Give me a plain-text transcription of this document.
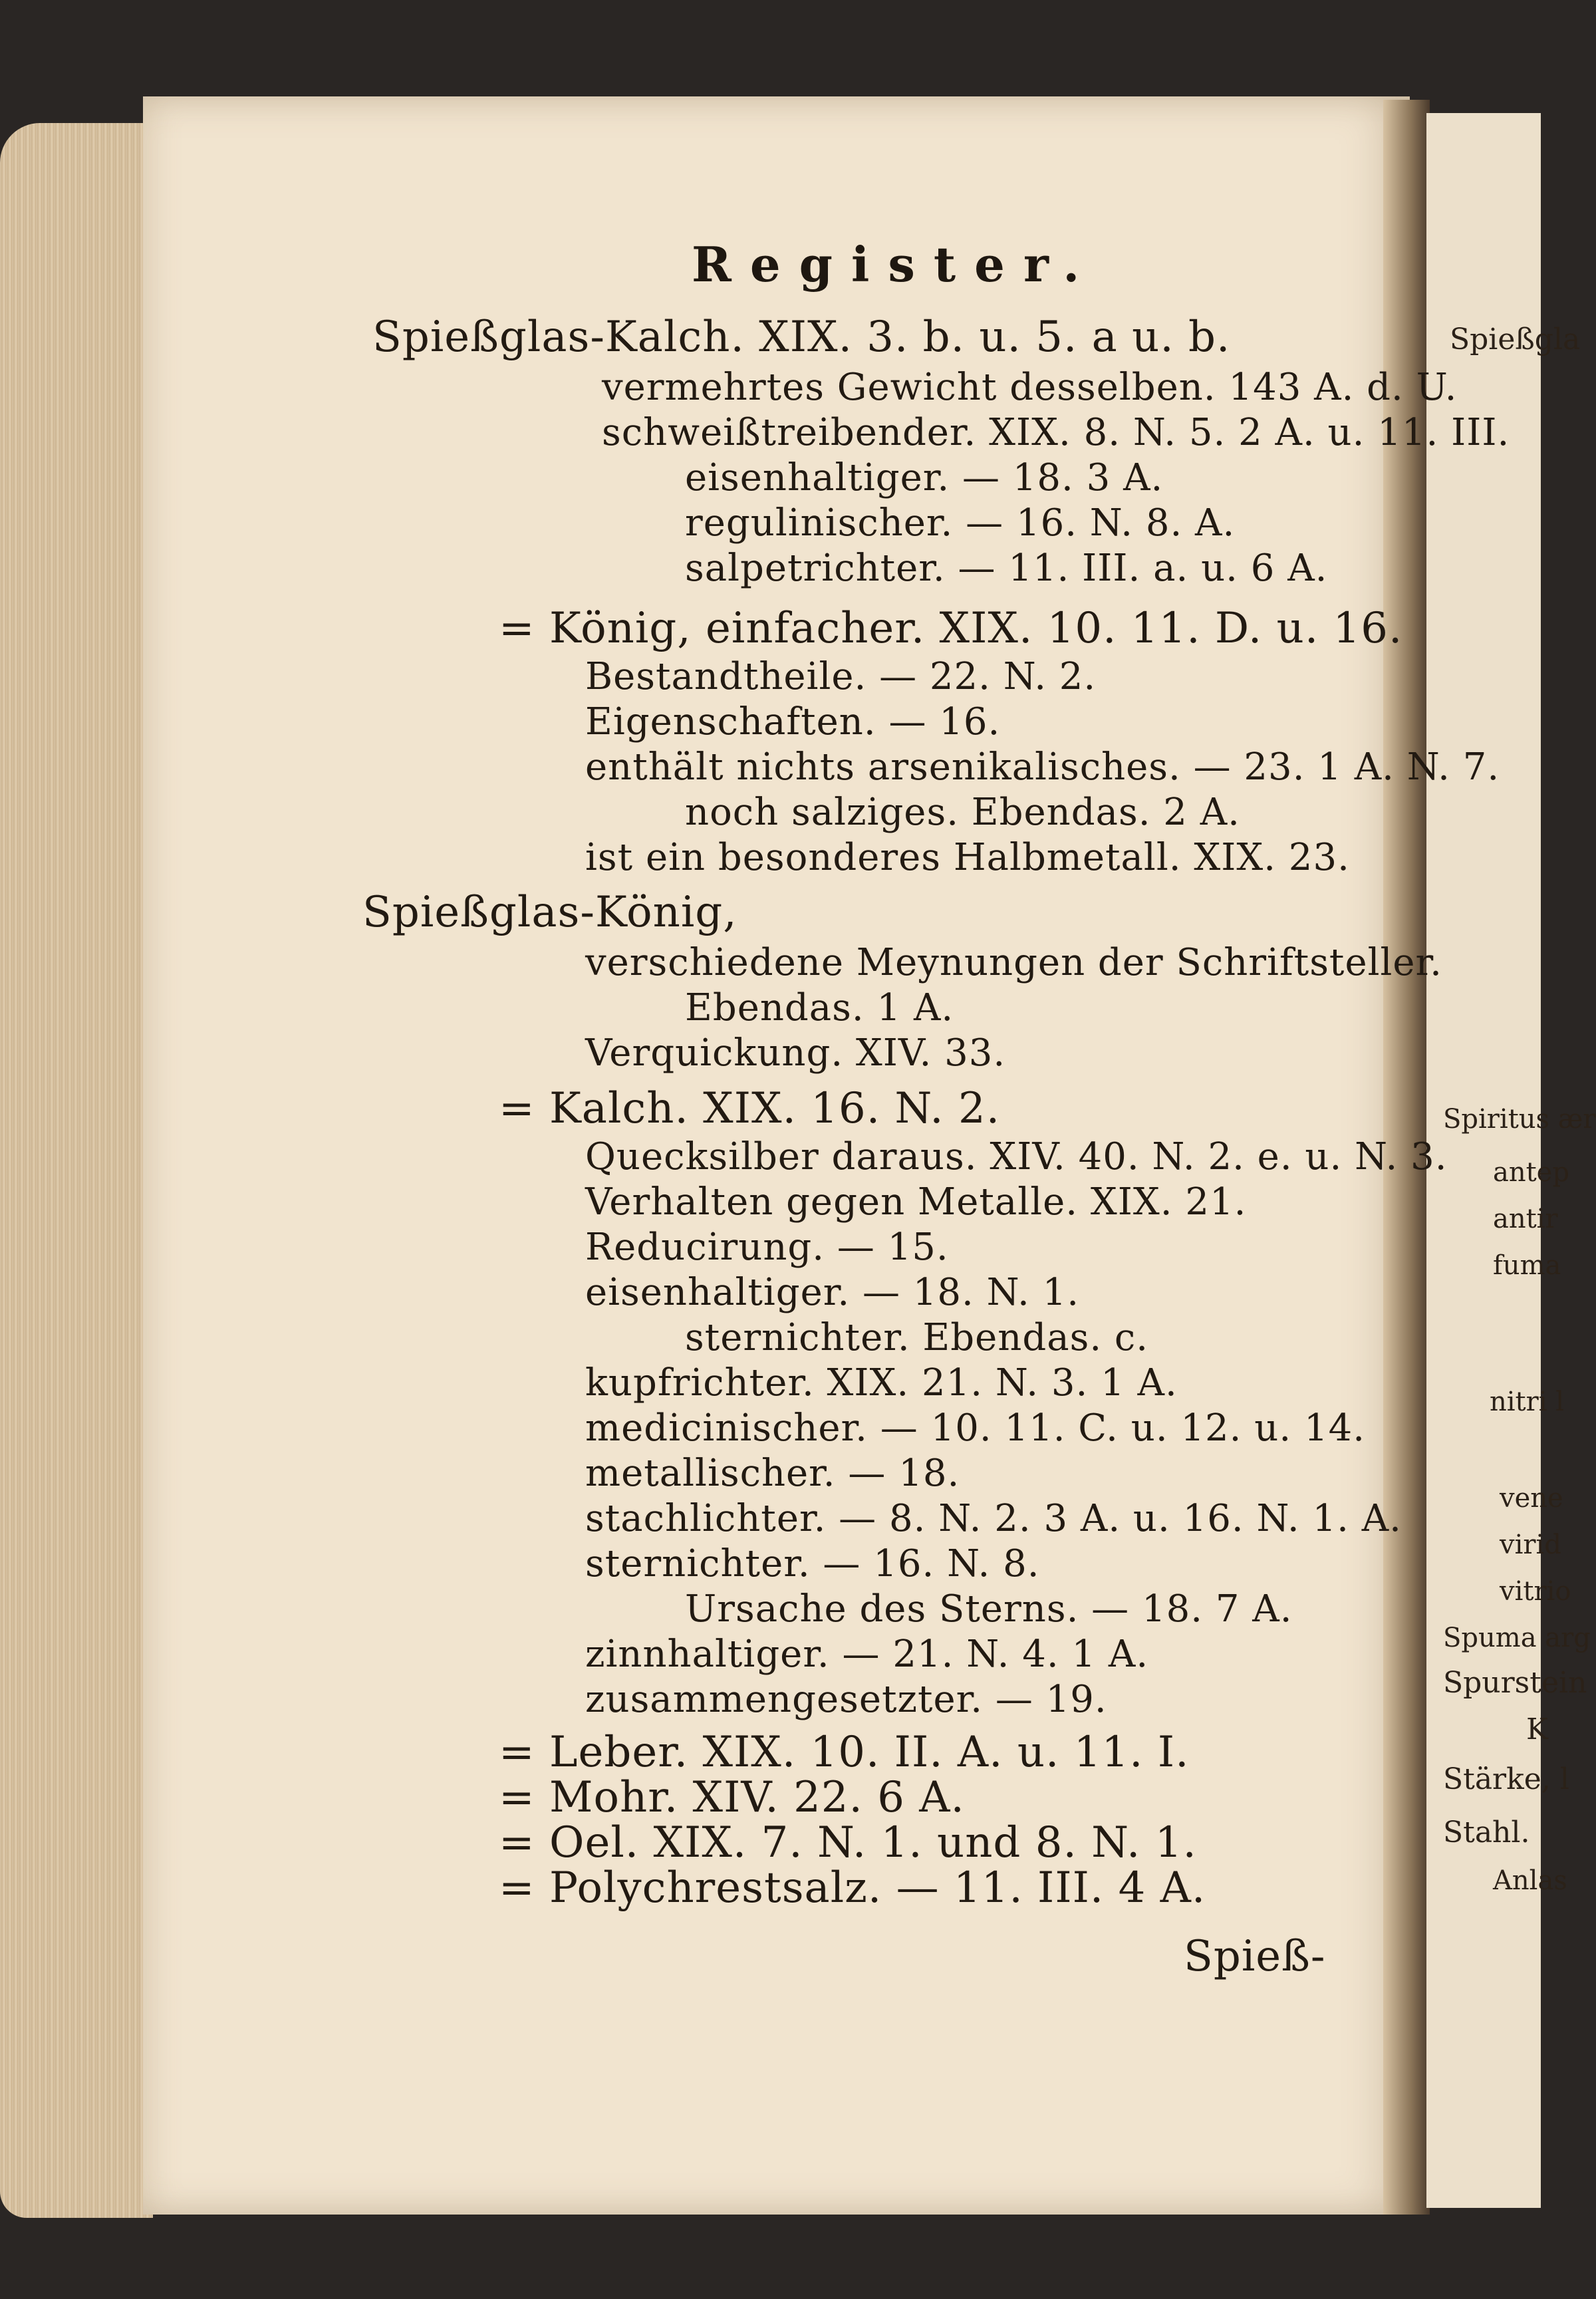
Register.
Spießglas-Kalch. XIX. 3. b. u. 5. a u. b.
vermehrtes Gewicht desselben. 143 A. d. U.
schweißtreibender. XIX. 8. N. 5. 2 A. u. 11. III.
eisenhaltiger. — 18. 3 A.
regulinischer. — 16. N. 8. A.
salpetrichter. — 11. III. a. u. 6 A.
= König, einfacher. XIX. 10. 11. D. u. 16.
Bestandtheile. — 22. N. 2.
Eigenschaften. — 16.
enthält nichts arsenikalisches. — 23. 1 A. N. 7.
noch salziges. Ebendas. 2 A.
ist ein besonderes Halbmetall. XIX. 23.
Spießglas-König,
verschiedene Meynungen der Schriftsteller.
Ebendas. 1 A.
Verquickung. XIV. 33.
= Kalch. XIX. 16. N. 2.
Quecksilber daraus. XIV. 40. N. 2. e. u. N. 3.
Verhalten gegen Metalle. XIX. 21.
Reducirung. — 15.
eisenhaltiger. — 18. N. 1.
sternichter. Ebendas. c.
kupfrichter. XIX. 21. N. 3. 1 A.
medicinischer. — 10. 11. C. u. 12. u. 14.
metallischer. — 18.
stachlichter. — 8. N. 2. 3 A. u. 16. N. 1. A.
sternichter. — 16. N. 8.
Ursache des Sterns. — 18. 7 A.
zinnhaltiger. — 21. N. 4. 1 A.
zusammengesetzter. — 19.
= Leber. XIX. 10. II. A. u. 11. I.
= Mohr. XIV. 22. 6 A.
= Oel. XIX. 7. N. 1. und 8. N. 1.
= Polychrestsalz. — 11. III. 4 A.
Spieß-
Spießgla
Spiritus ær
antep
antir
fuma
nitri l
vene
virid
vitrio
Spuma arg
Spurstein
K
Stärke, l
Stahl.
Anlas
